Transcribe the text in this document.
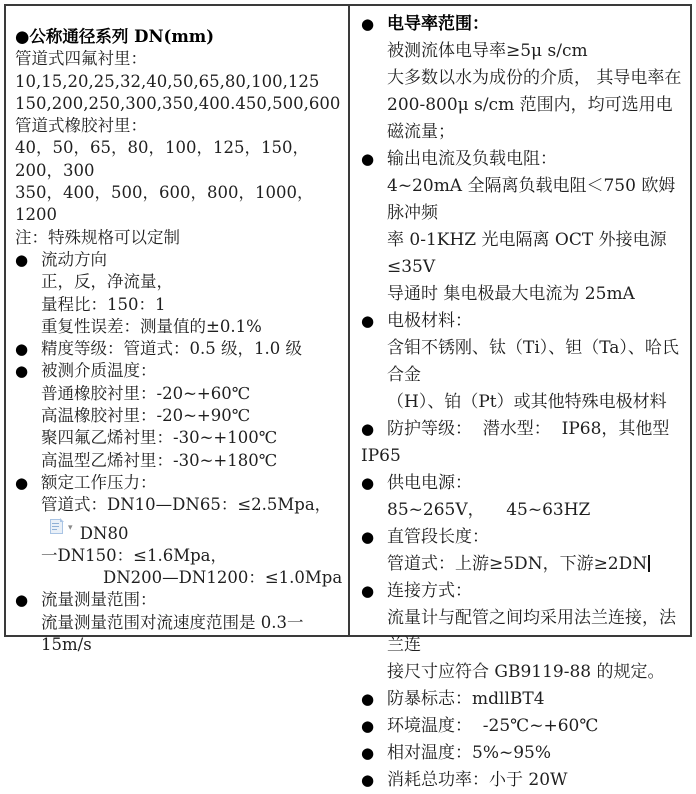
●公称通径系列 DN(mm)
管道式四氟衬里：
10,15,20,25,32,40,50,65,80,100,125
150,200,250,300,350,400.450,500,600
管道式橡胶衬里：
40，50，65，80，100，125，150，200，300
350，400，500，600，800，1000，1200
注：特殊规格可以定制
● 流动方向
正，反，净流量，
量程比：150：1
重复性误差：测量值的±0.1%
● 精度等级：管道式：0.5 级，1.0 级
● 被测介质温度：
普通橡胶衬里：-20~+60℃
高温橡胶衬里：-20~+90℃
聚四氟乙烯衬里：-30~+100℃
高温型乙烯衬里：-30~+180℃
● 额定工作压力：
管道式：DN10—DN65：≤2.5Mpa，
▾ DN80
一DN150：≤1.6Mpa，
DN200—DN1200：≤1.0Mpa
● 流量测量范围：
流量测量范围对流速度范围是 0.3一15m/s
● 电导率范围：
被测流体电导率≥5μ s/cm
大多数以水为成份的介质， 其导电率在
200-800μ s/cm 范围内，均可选用电磁流量；
● 输出电流及负载电阻：
4~20mA 全隔离负载电阻＜750 欧姆脉冲频
率 0-1KHZ 光电隔离 OCT 外接电源≤35V
导通时 集电极最大电流为 25mA
● 电极材料：
含钼不锈刚、钛（Ti）、钽（Ta）、哈氏合金
（H）、铂（Pt）或其他特殊电极材料
● 防护等级：  潜水型：  IP68，其他型 IP65
● 供电电源：
85~265V，    45~63HZ
● 直管段长度：
管道式：上游≥5DN，下游≥2DN
● 连接方式：
流量计与配管之间均采用法兰连接，法兰连
接尺寸应符合 GB9119-88 的规定。
● 防暴标志：mdllBT4
● 环境温度：  -25℃~+60℃
● 相对温度：5%~95%
● 消耗总功率：小于 20W
